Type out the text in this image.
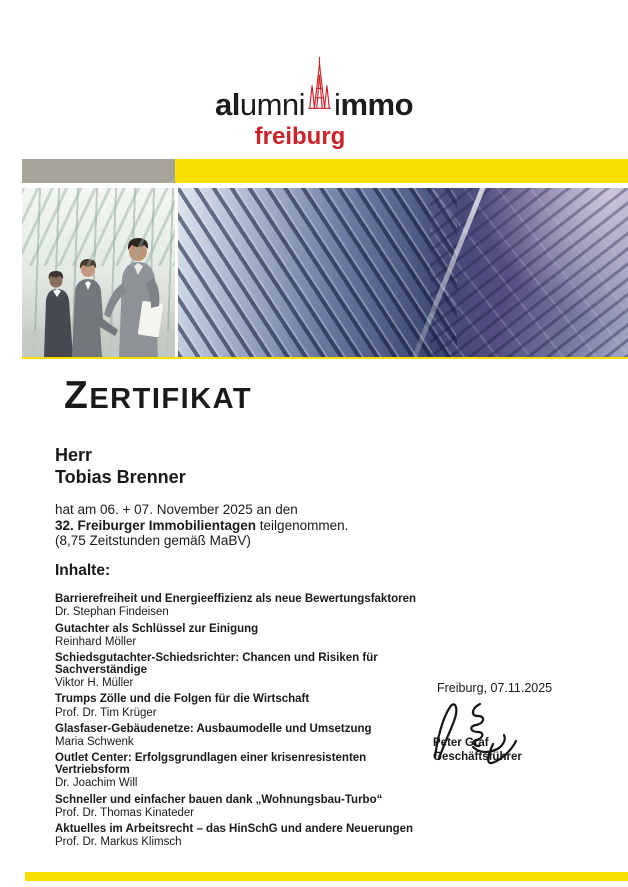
alumni immo
freiburg
ZERTIFIKAT
Herr
Tobias Brenner

hat am 06. + 07. November 2025 an den
32. Freiburger Immobilientagen teilgenommen.
(8,75 Zeitstunden gemäß MaBV)

Inhalte:
Barrierefreiheit und Energieeffizienz als neue Bewertungsfaktoren
Dr. Stephan Findeisen
Gutachter als Schlüssel zur Einigung
Reinhard Möller
Schiedsgutachter-Schiedsrichter: Chancen und Risiken für Sachverständige
Viktor H. Müller
Trumps Zölle und die Folgen für die Wirtschaft
Prof. Dr. Tim Krüger
Glasfaser-Gebäudenetze: Ausbaumodelle und Umsetzung
Maria Schwenk
Outlet Center: Erfolgsgrundlagen einer krisenresistenten Vertriebsform
Dr. Joachim Will
Schneller und einfacher bauen dank „Wohnungsbau-Turbo“
Prof. Dr. Thomas Kinateder
Aktuelles im Arbeitsrecht – das HinSchG und andere Neuerungen
Prof. Dr. Markus Klimsch
Freiburg, 07.11.2025
Peter Graf
Geschäftsführer
